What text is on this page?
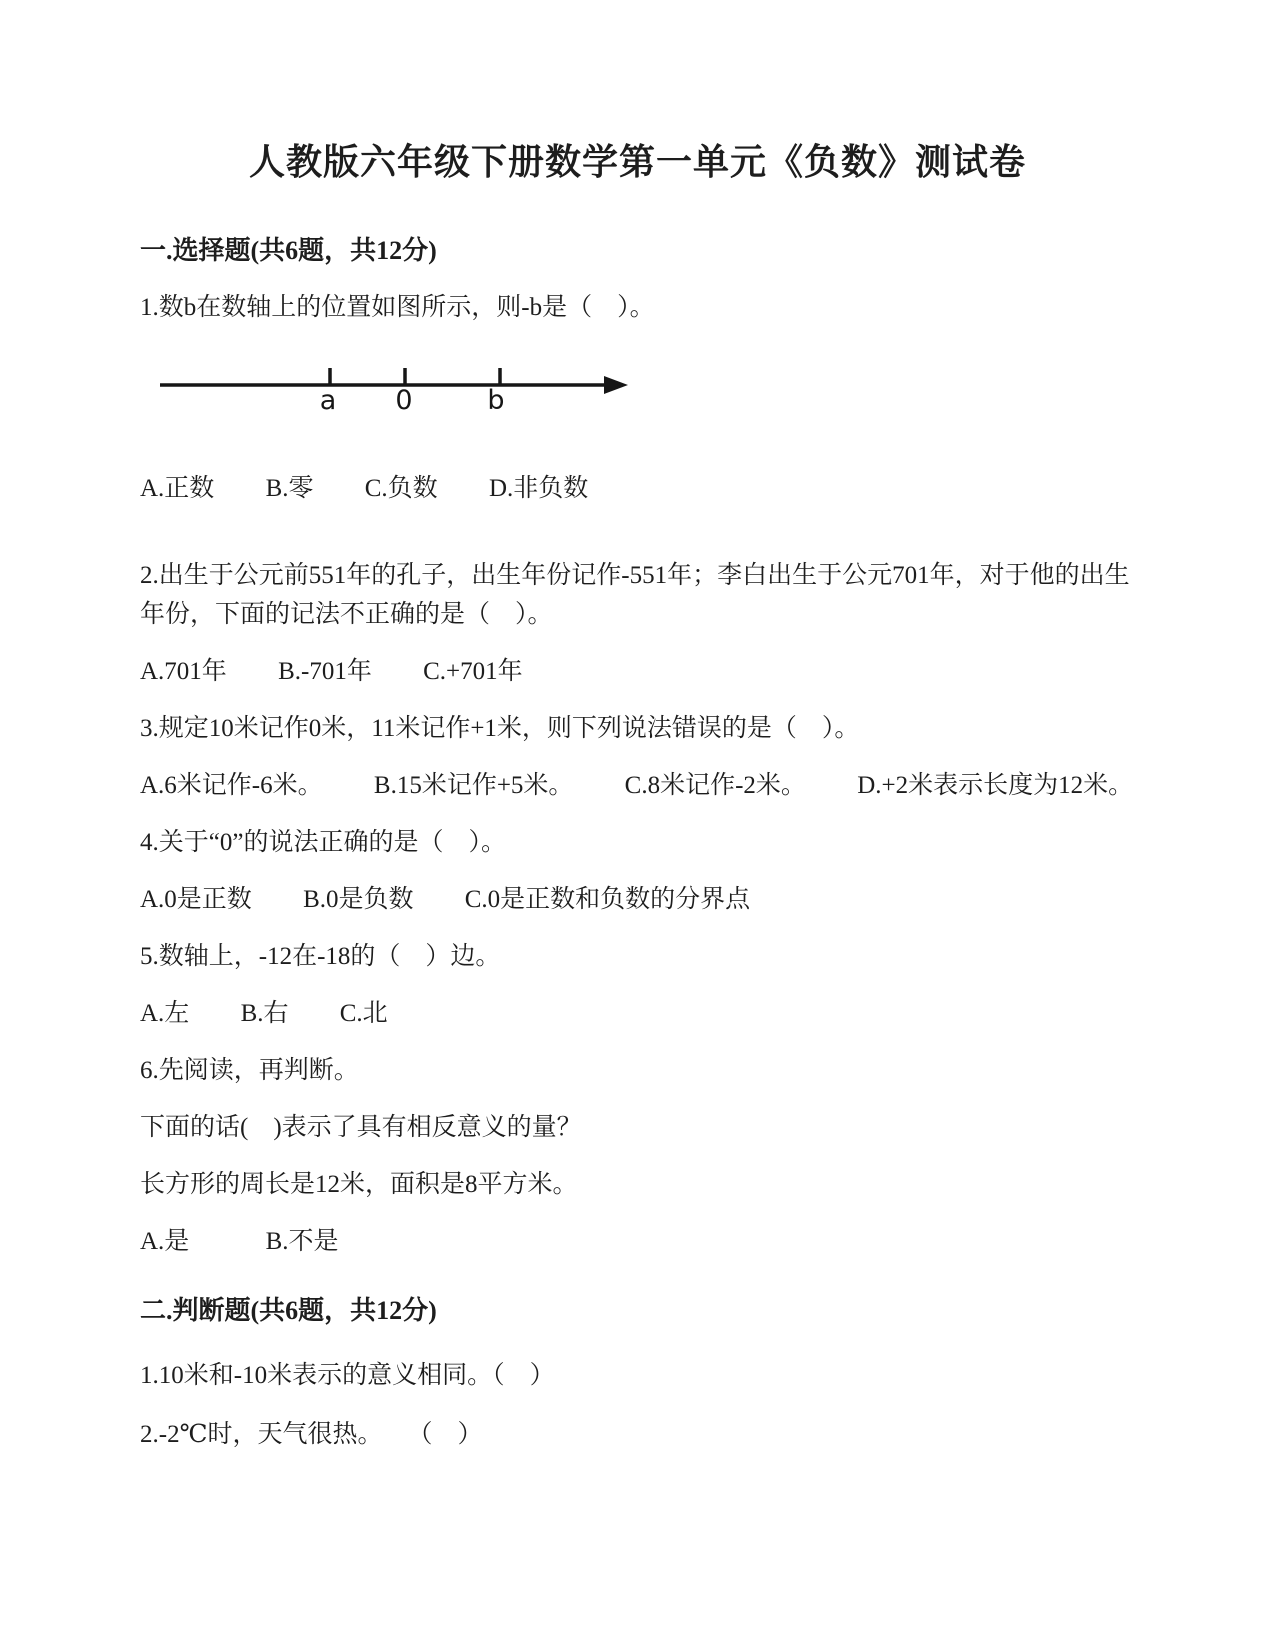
人教版六年级下册数学第一单元《负数》测试卷
一.选择题(共6题，共12分)

1.数b在数轴上的位置如图所示，则-b是（　）。

a 0	b

A.正数 B.零 C.负数 D.非负数

2.出生于公元前551年的孔子，出生年份记作-551年；李白出生于公元701年，对于他的出生年份，下面的记法不正确的是（　）。

A.701年 B.-701年 C.+701年

3.规定10米记作0米，11米记作+1米，则下列说法错误的是（　）。

A.6米记作-6米。 B.15米记作+5米。 C.8米记作-2米。 D.+2米表示长度为12米。

4.关于“0”的说法正确的是（　）。

A.0是正数 B.0是负数 C.0是正数和负数的分界点

5.数轴上，-12在-18的（　）边。

A.左 B.右 C.北

6.先阅读，再判断。

下面的话(　)表示了具有相反意义的量？

长方形的周长是12米，面积是8平方米。

A.是	B.不是

二.判断题(共6题，共12分)

1.10米和-10米表示的意义相同。（　）

2.-2℃时，天气很热。　　（　）
